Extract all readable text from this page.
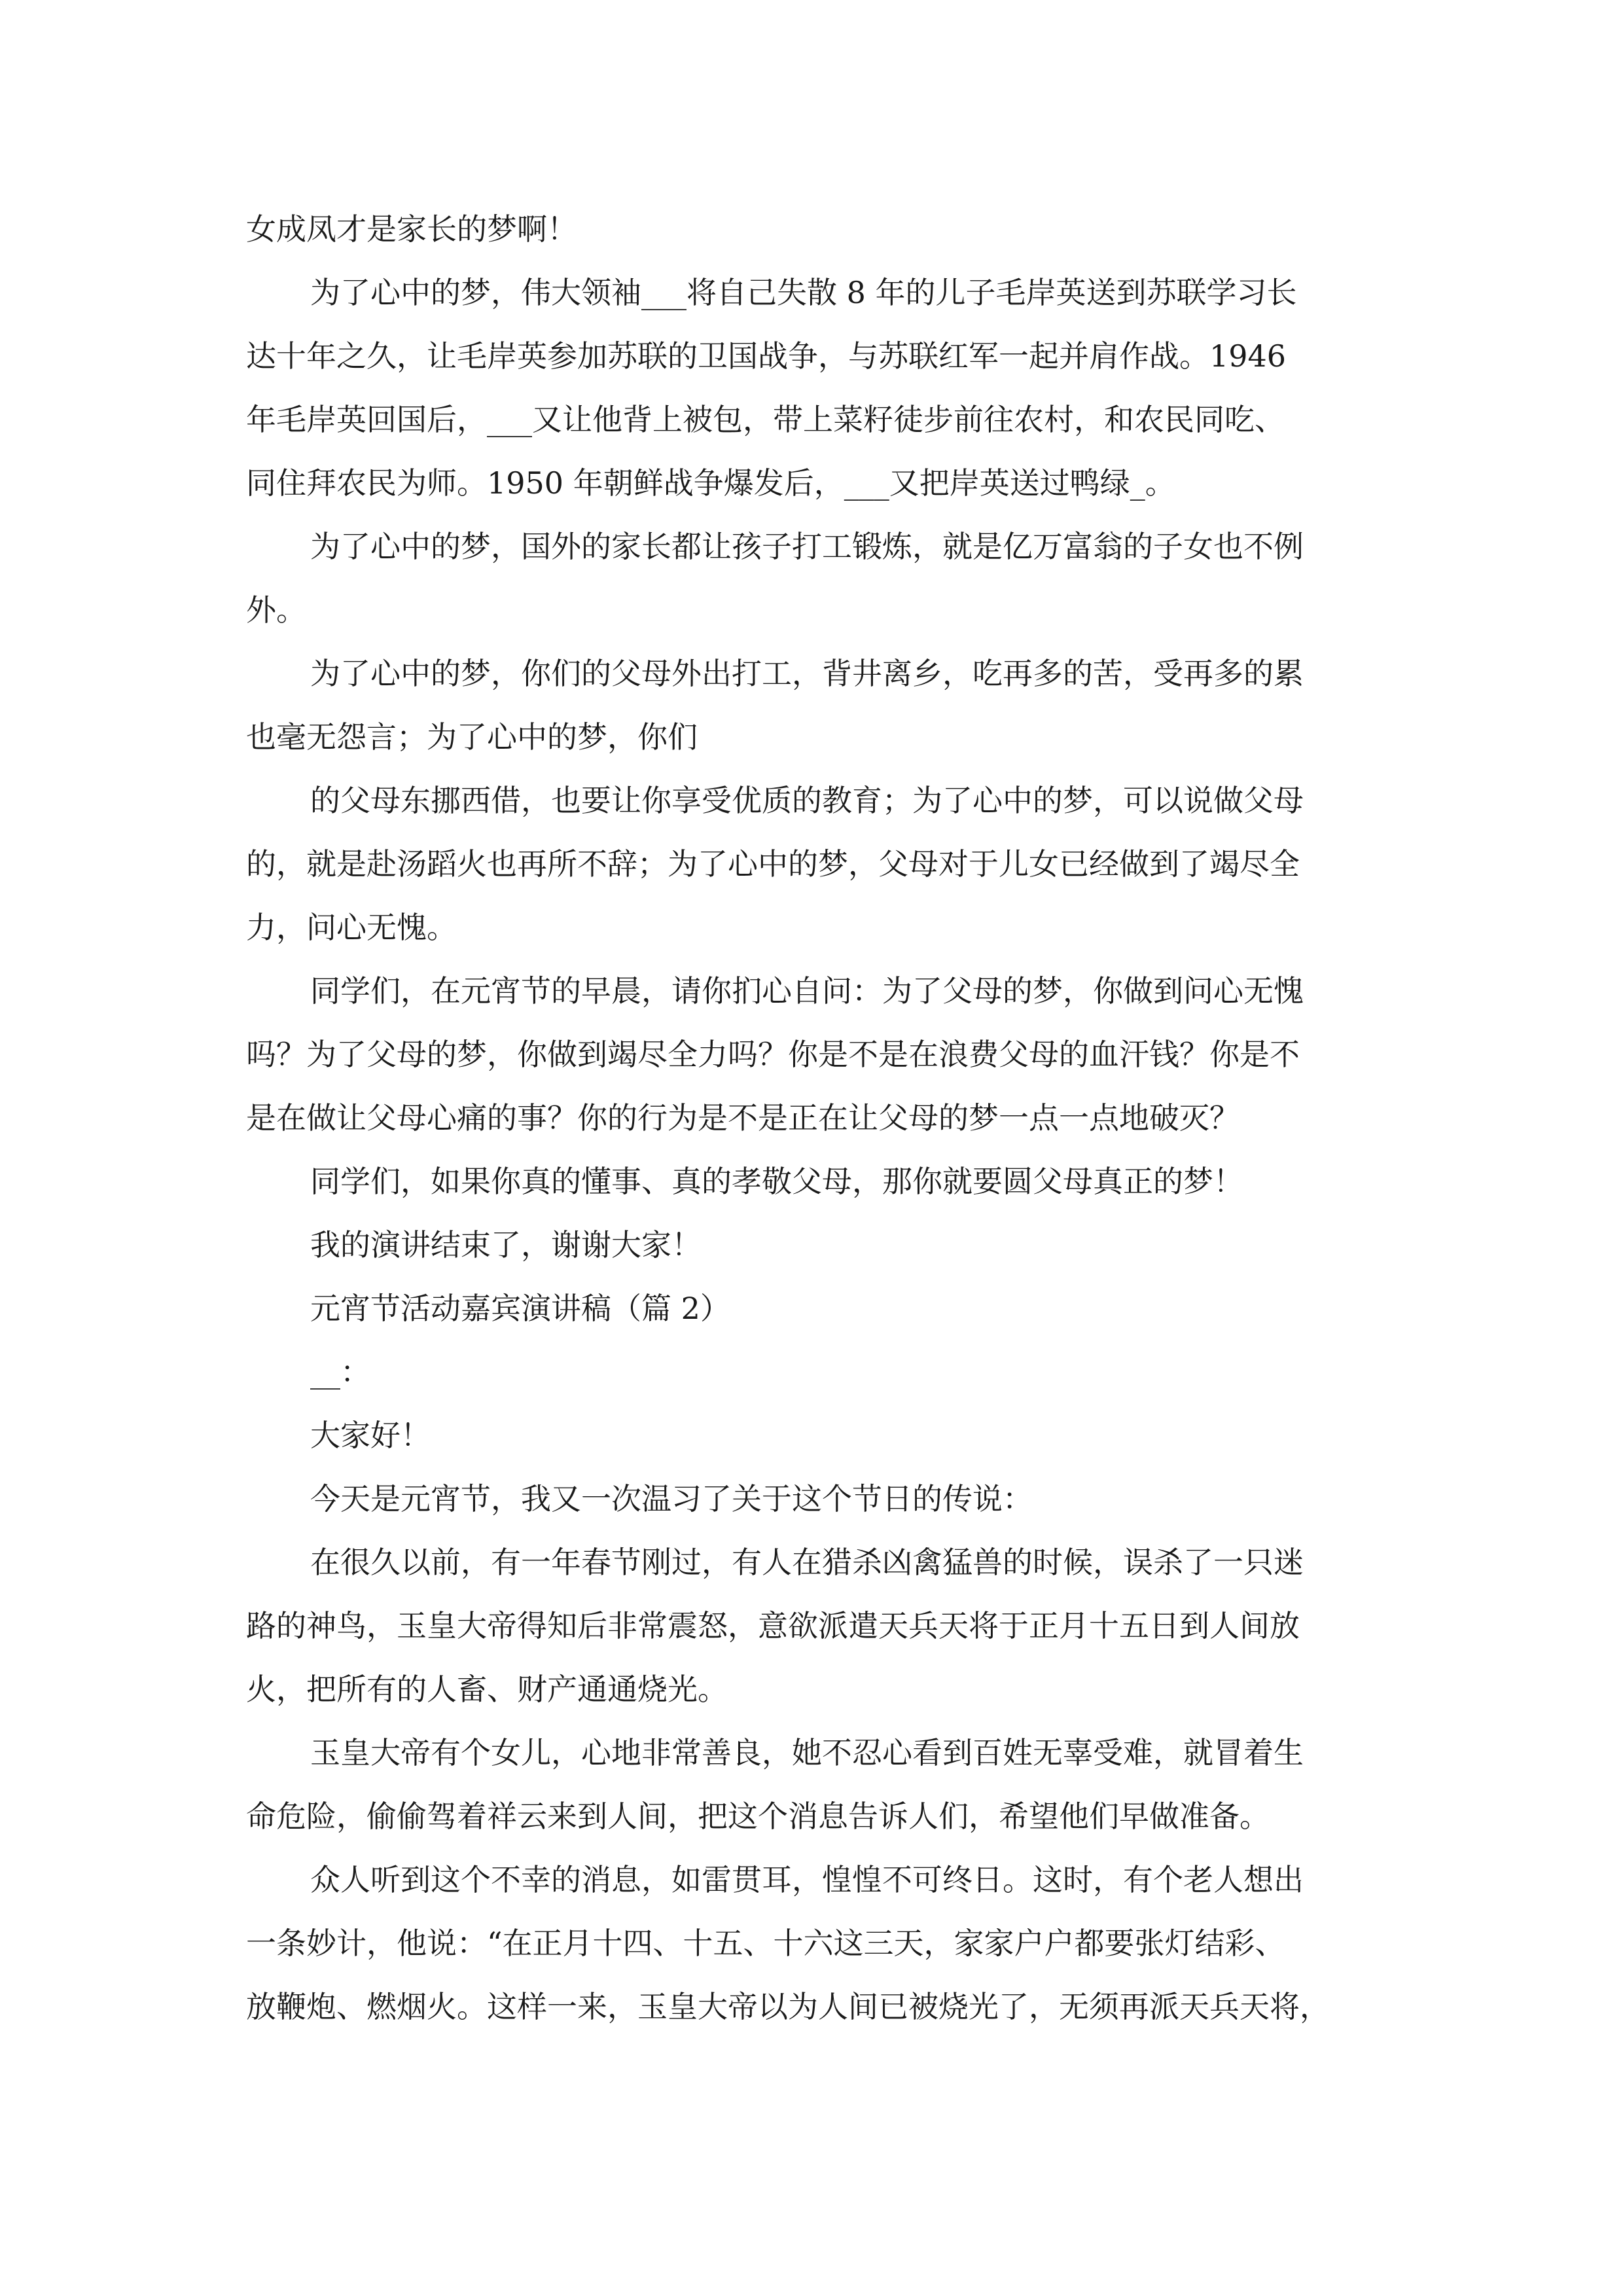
女成凤才是家长的梦啊！
为了心中的梦，伟大领袖___将自己失散 8 年的儿子毛岸英送到苏联学习长
达十年之久，让毛岸英参加苏联的卫国战争，与苏联红军一起并肩作战。1946
年毛岸英回国后，___又让他背上被包，带上菜籽徒步前往农村，和农民同吃、
同住拜农民为师。1950 年朝鲜战争爆发后，___又把岸英送过鸭绿_。
为了心中的梦，国外的家长都让孩子打工锻炼，就是亿万富翁的子女也不例
外。
为了心中的梦，你们的父母外出打工，背井离乡，吃再多的苦，受再多的累
也毫无怨言；为了心中的梦，你们
的父母东挪西借，也要让你享受优质的教育；为了心中的梦，可以说做父母
的，就是赴汤蹈火也再所不辞；为了心中的梦，父母对于儿女已经做到了竭尽全
力，问心无愧。
同学们，在元宵节的早晨，请你扪心自问：为了父母的梦，你做到问心无愧
吗？为了父母的梦，你做到竭尽全力吗？你是不是在浪费父母的血汗钱？你是不
是在做让父母心痛的事？你的行为是不是正在让父母的梦一点一点地破灭？
同学们，如果你真的懂事、真的孝敬父母，那你就要圆父母真正的梦！
我的演讲结束了，谢谢大家！
元宵节活动嘉宾演讲稿（篇 2）
__：
大家好！
今天是元宵节，我又一次温习了关于这个节日的传说：
在很久以前，有一年春节刚过，有人在猎杀凶禽猛兽的时候，误杀了一只迷
路的神鸟，玉皇大帝得知后非常震怒，意欲派遣天兵天将于正月十五日到人间放
火，把所有的人畜、财产通通烧光。
玉皇大帝有个女儿，心地非常善良，她不忍心看到百姓无辜受难，就冒着生
命危险，偷偷驾着祥云来到人间，把这个消息告诉人们，希望他们早做准备。
众人听到这个不幸的消息，如雷贯耳，惶惶不可终日。这时，有个老人想出
一条妙计，他说：“在正月十四、十五、十六这三天，家家户户都要张灯结彩、
放鞭炮、燃烟火。这样一来，玉皇大帝以为人间已被烧光了，无须再派天兵天将，
